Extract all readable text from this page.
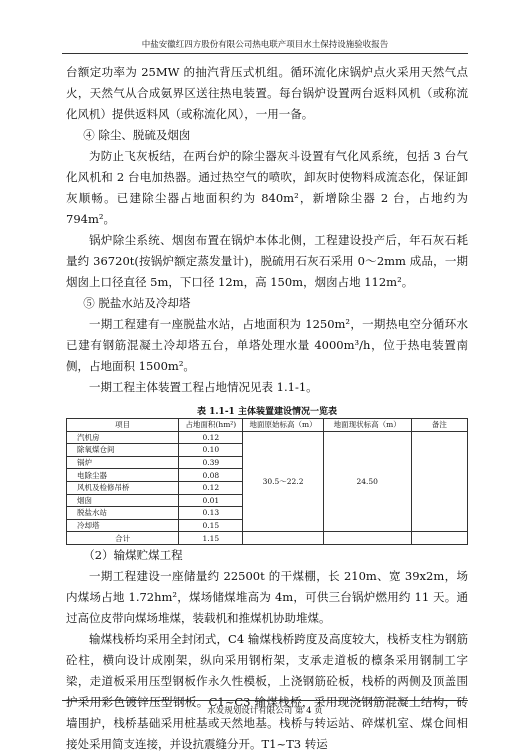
中盐安徽红四方股份有限公司热电联产项目水土保持设施验收报告

台额定功率为 25MW 的抽汽背压式机组。循环流化床锅炉点火采用天然气点火，天然气从合成氨界区送往热电装置。每台锅炉设置两台返料风机（或称流化风机）提供返料风（或称流化风），一用一备。

④ 除尘、脱硫及烟囱

为防止飞灰板结，在两台炉的除尘器灰斗设置有气化风系统，包括 3 台气化风机和 2 台电加热器。通过热空气的喷吹，卸灰时使物料成流态化，保证卸灰顺畅。已建除尘器占地面积约为 840m²，新增除尘器 2 台，占地约为 794m²。

锅炉除尘系统、烟囱布置在锅炉本体北侧，工程建设投产后，年石灰石耗量约 36720t(按锅炉额定蒸发量计)，脱硫用石灰石采用 0～2mm 成品，一期烟囱上口径直径 5m，下口径 12m，高 150m，烟囱占地 112m²。

⑤ 脱盐水站及冷却塔

一期工程建有一座脱盐水站，占地面积为 1250m²，一期热电空分循环水已建有钢筋混凝土冷却塔五台，单塔处理水量 4000m³/h，位于热电装置南侧，占地面积 1500m²。

一期工程主体装置工程占地情况见表 1.1-1。

表 1.1-1 主体装置建设情况一览表
项目	占地面积(hm²)	地面原始标高（m）	地面现状标高（m）	备注
汽机房	0.12	30.5～22.2	24.50	
除氧煤仓间	0.10			
锅炉	0.39			
电除尘器	0.08			
风机及检修吊桥	0.12			
烟囱	0.01			
脱盐水站	0.13			
冷却塔	0.15			
合计	1.15			

（2）输煤贮煤工程

一期工程建设一座储量约 22500t 的干煤棚，长 210m、宽 39x2m，场内煤场占地 1.72hm²，煤场储煤堆高为 4m，可供三台锅炉燃用约 11 天。通过高位皮带向煤场堆煤，装载机和推煤机协助堆煤。

输煤栈桥均采用全封闭式，C4 输煤栈桥跨度及高度较大，栈桥支柱为钢筋砼柱，横向设计成刚架，纵向采用钢桁架，支承走道板的檩条采用钢制工字梁，走道板采用压型钢板作永久性模板，上浇钢筋砼板，栈桥的两侧及顶盖围护采用彩色镀锌压型钢板。C1~C3 输煤栈桥，采用现浇钢筋混凝土结构，砖墙围护，栈桥基础采用桩基或天然地基。栈桥与转运站、碎煤机室、煤仓间相接处采用简支连接，并设抗震缝分开。T1~T3 转运

水发规划设计有限公司 第 4 页
